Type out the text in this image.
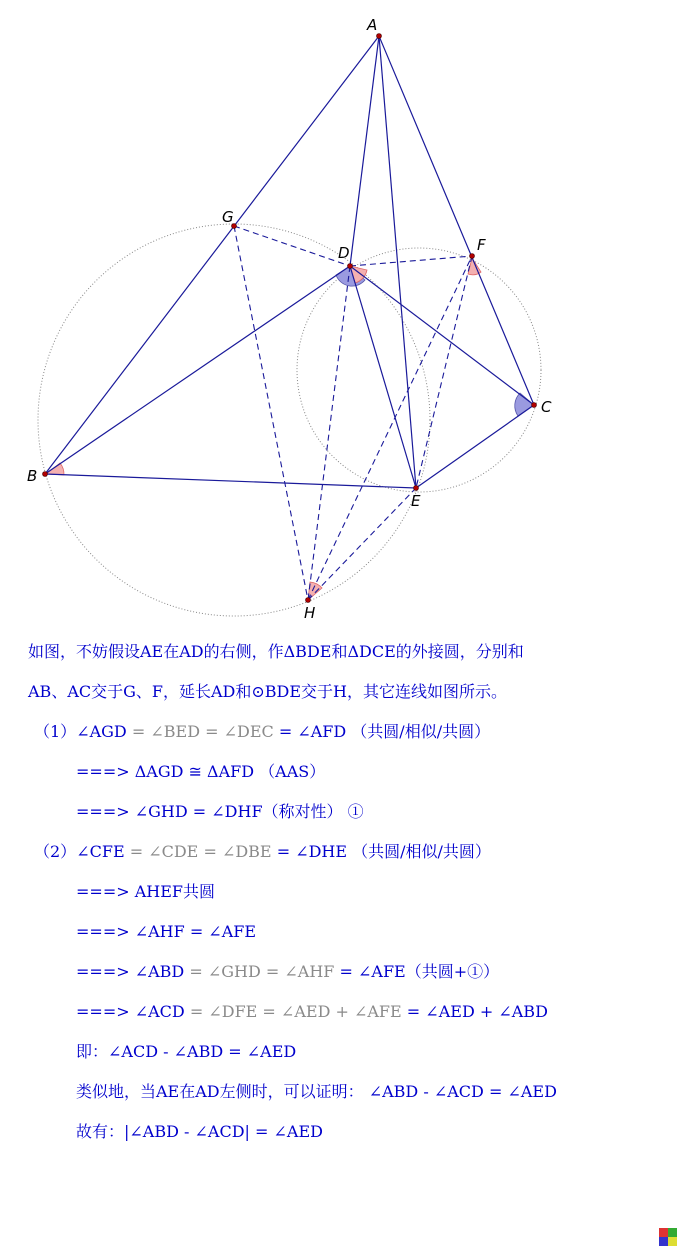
A
B
C
D
E
F
G
H
如图，不妨假设AE在AD的右侧，作ΔBDE和ΔDCE的外接圆，分别和
AB、AC交于G、F，延长AD和⊙BDE交于H，其它连线如图所示。
（1）∠AGD = ∠BED = ∠DEC = ∠AFD （共圆/相似/共圆）
===> ΔAGD ≅ ΔAFD （AAS）
===> ∠GHD = ∠DHF（称对性） ①
（2）∠CFE = ∠CDE = ∠DBE = ∠DHE （共圆/相似/共圆）
===> AHEF共圆
===> ∠AHF = ∠AFE
===> ∠ABD = ∠GHD = ∠AHF = ∠AFE（共圆+①）
===> ∠ACD = ∠DFE = ∠AED + ∠AFE = ∠AED + ∠ABD
即：∠ACD - ∠ABD = ∠AED
类似地，当AE在AD左侧时，可以证明： ∠ABD - ∠ACD = ∠AED
故有：|∠ABD - ∠ACD| = ∠AED
